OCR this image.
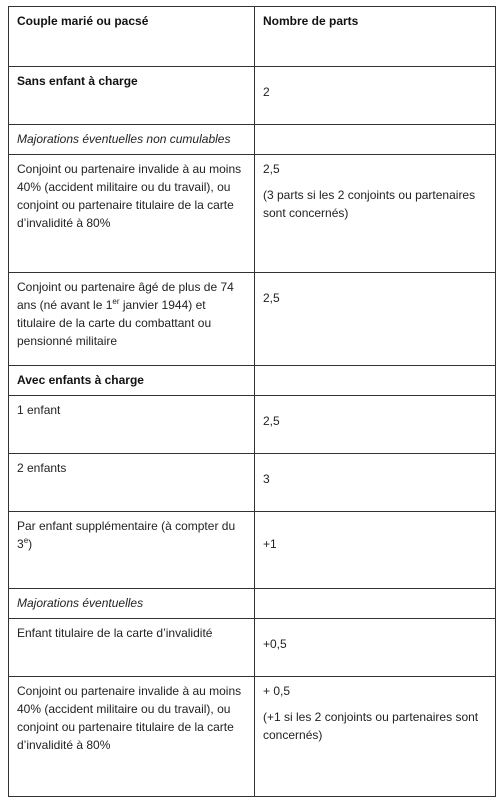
Couple marié ou pacsé	Nombre de parts
Sans enfant à charge
2
Majorations éventuelles non cumulables
Conjoint ou partenaire invalide à au moins 40% (accident militaire ou du travail), ou conjoint ou partenaire titulaire de la carte d’invalidité à 80%
2,5
(3 parts si les 2 conjoints ou partenaires sont concernés)
Conjoint ou partenaire âgé de plus de 74 ans (né avant le 1er janvier 1944) et titulaire de la carte du combattant ou pensionné militaire
2,5
Avec enfants à charge
1 enfant
2,5
2 enfants
3
Par enfant supplémentaire (à compter du $3^e$)	+1
Majorations éventuelles
Enfant titulaire de la carte d’invalidité
+0,5
Conjoint ou partenaire invalide à au moins 40% (accident militaire ou du travail), ou conjoint ou partenaire titulaire de la carte d’invalidité à 80%
+ 0,5
(+1 si les 2 conjoints ou partenaires sont concernés)
